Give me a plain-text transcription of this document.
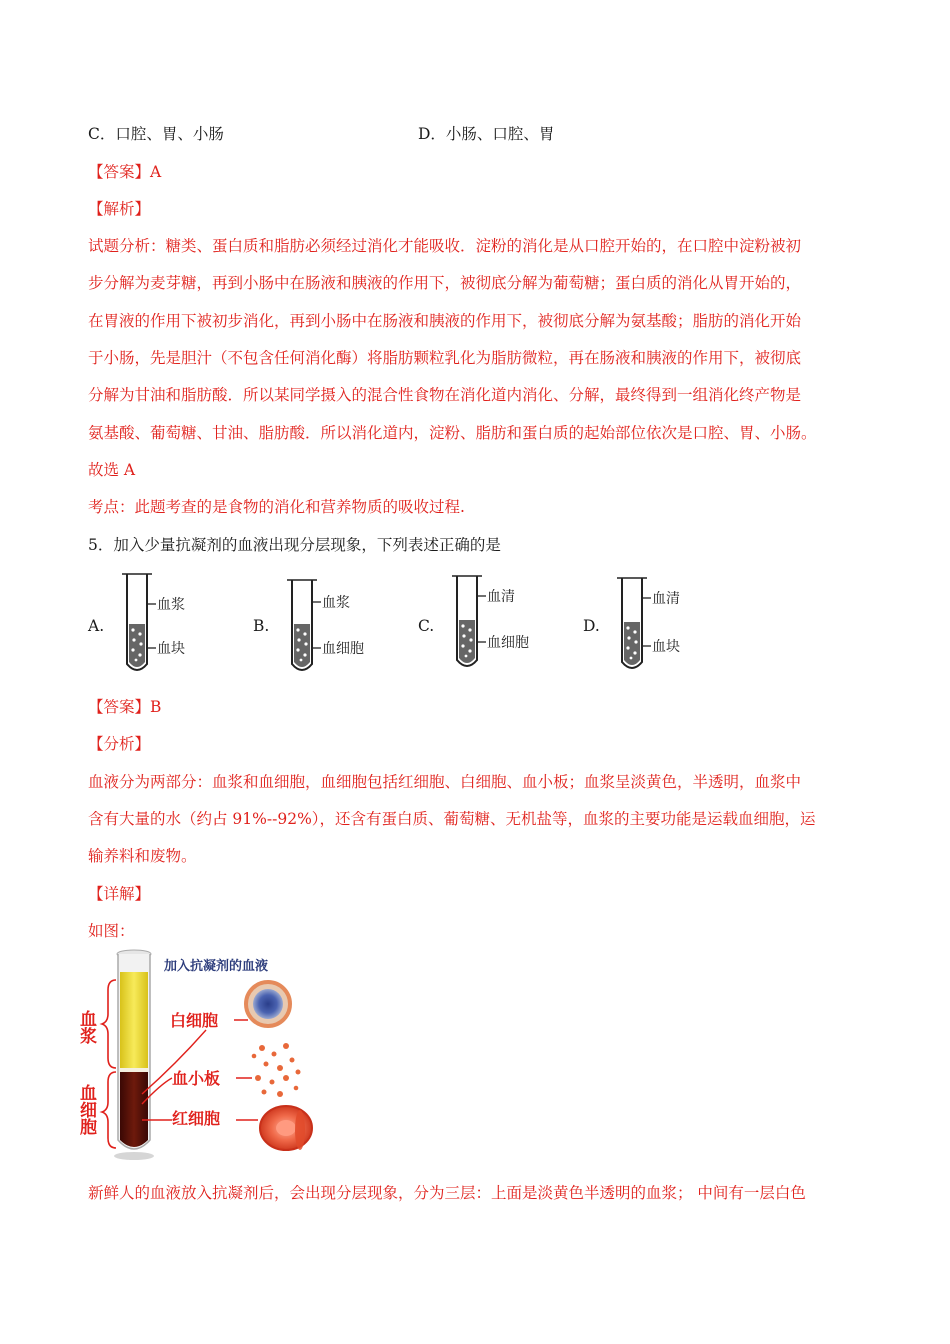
C．口腔、胃、小肠	D．小肠、口腔、胃
【答案】A
【解析】
试题分析：糖类、蛋白质和脂肪必须经过消化才能吸收．淀粉的消化是从口腔开始的，在口腔中淀粉被初
步分解为麦芽糖，再到小肠中在肠液和胰液的作用下，被彻底分解为葡萄糖；蛋白质的消化从胃开始的，
在胃液的作用下被初步消化，再到小肠中在肠液和胰液的作用下，被彻底分解为氨基酸；脂肪的消化开始
于小肠，先是胆汁（不包含任何消化酶）将脂肪颗粒乳化为脂肪微粒，再在肠液和胰液的作用下，被彻底
分解为甘油和脂肪酸．所以某同学摄入的混合性食物在消化道内消化、分解，最终得到一组消化终产物是
氨基酸、葡萄糖、甘油、脂肪酸．所以消化道内，淀粉、脂肪和蛋白质的起始部位依次是口腔、胃、小肠。
故选 A
考点：此题考查的是食物的消化和营养物质的吸收过程.
5．加入少量抗凝剂的血液出现分层现象，下列表述正确的是
A.
血浆
血块
B.
血浆
血细胞
C.
血清
血细胞
D.
血清
血块
【答案】B
【分析】
血液分为两部分：血浆和血细胞，血细胞包括红细胞、白细胞、血小板；血浆呈淡黄色，半透明，血浆中
含有大量的水（约占 91%--92%），还含有蛋白质、葡萄糖、无机盐等，血浆的主要功能是运载血细胞，运
输养料和废物。
【详解】
如图：
血浆
血细胞
加入抗凝剂的血液
白细胞
血小板
红细胞
新鲜人的血液放入抗凝剂后，会出现分层现象，分为三层：上面是淡黄色半透明的血浆； 中间有一层白色
